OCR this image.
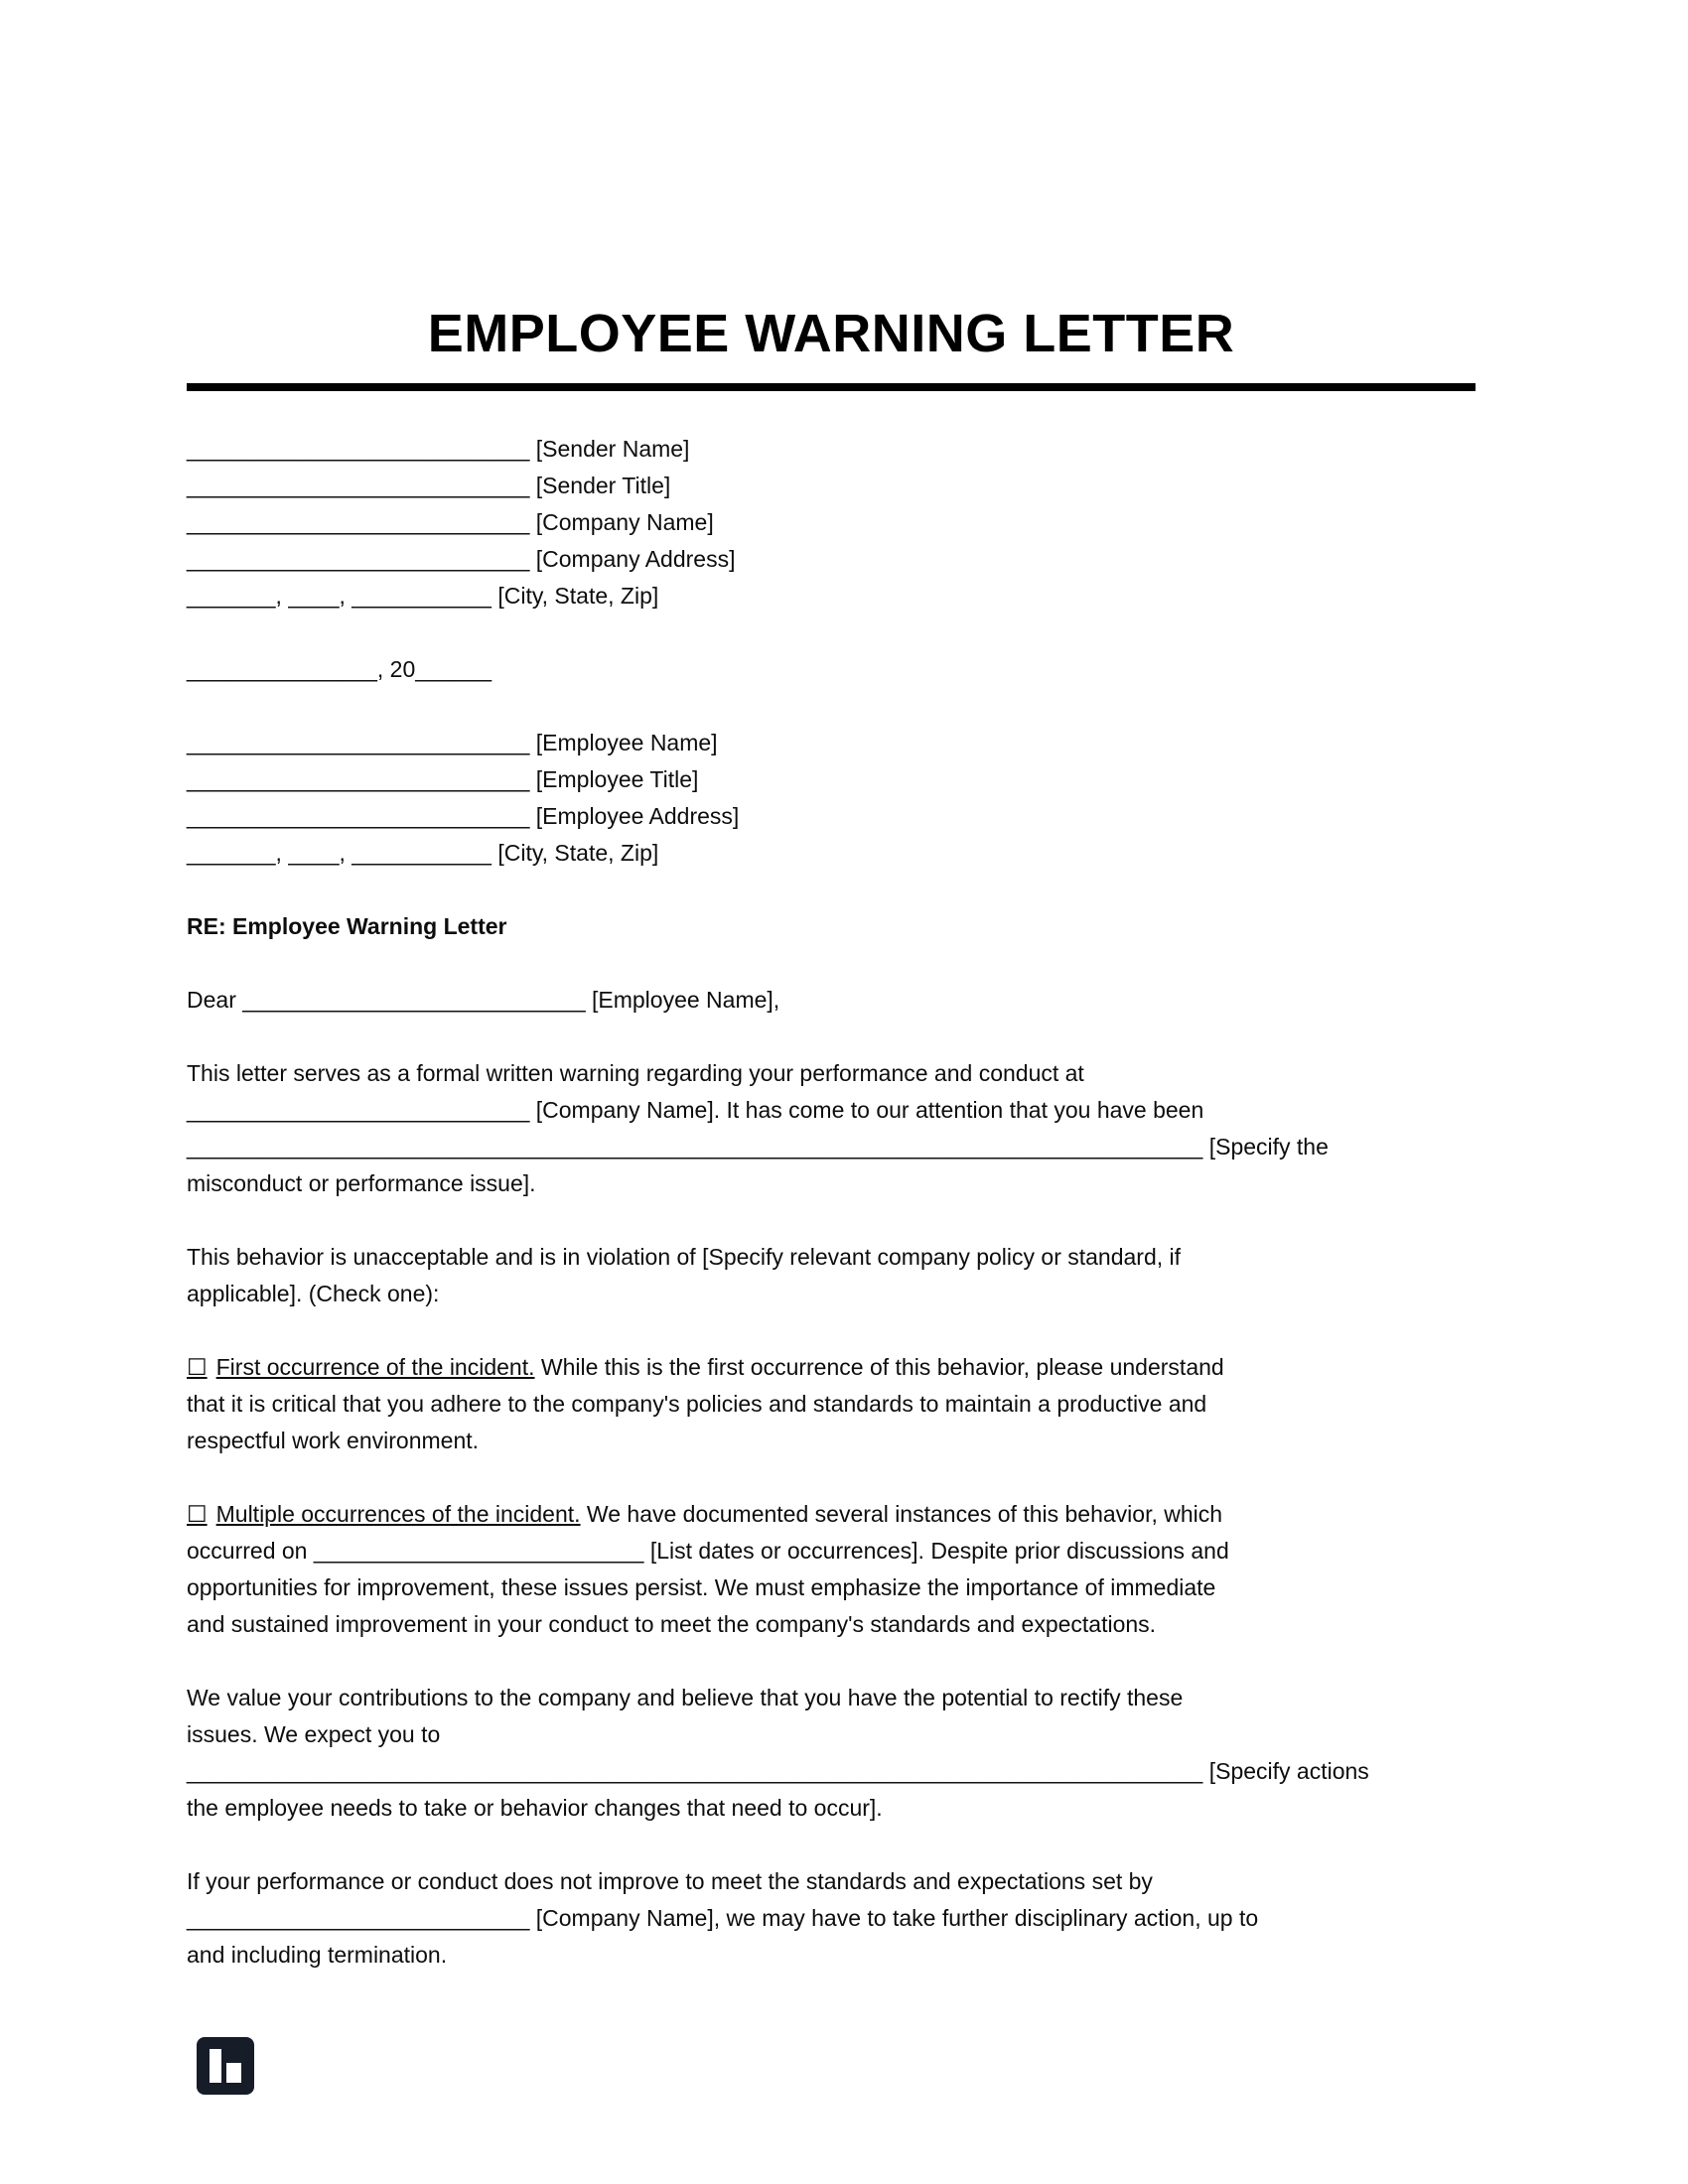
EMPLOYEE WARNING LETTER
___________________________ [Sender Name]
___________________________ [Sender Title]
___________________________ [Company Name]
___________________________ [Company Address]
_______, ____, ___________ [City, State, Zip]
_______________, 20______
___________________________ [Employee Name]
___________________________ [Employee Title]
___________________________ [Employee Address]
_______, ____, ___________ [City, State, Zip]
RE: Employee Warning Letter
Dear ___________________________ [Employee Name],
This letter serves as a formal written warning regarding your performance and conduct at
___________________________ [Company Name]. It has come to our attention that you have been
________________________________________________________________________________ [Specify the
misconduct or performance issue].
This behavior is unacceptable and is in violation of [Specify relevant company policy or standard, if
applicable]. (Check one):
☐ First occurrence of the incident. While this is the first occurrence of this behavior, please understand
that it is critical that you adhere to the company's policies and standards to maintain a productive and
respectful work environment.
☐ Multiple occurrences of the incident. We have documented several instances of this behavior, which
occurred on __________________________ [List dates or occurrences]. Despite prior discussions and
opportunities for improvement, these issues persist. We must emphasize the importance of immediate
and sustained improvement in your conduct to meet the company's standards and expectations.
We value your contributions to the company and believe that you have the potential to rectify these
issues. We expect you to
________________________________________________________________________________ [Specify actions
the employee needs to take or behavior changes that need to occur].
If your performance or conduct does not improve to meet the standards and expectations set by
___________________________ [Company Name], we may have to take further disciplinary action, up to
and including termination.
